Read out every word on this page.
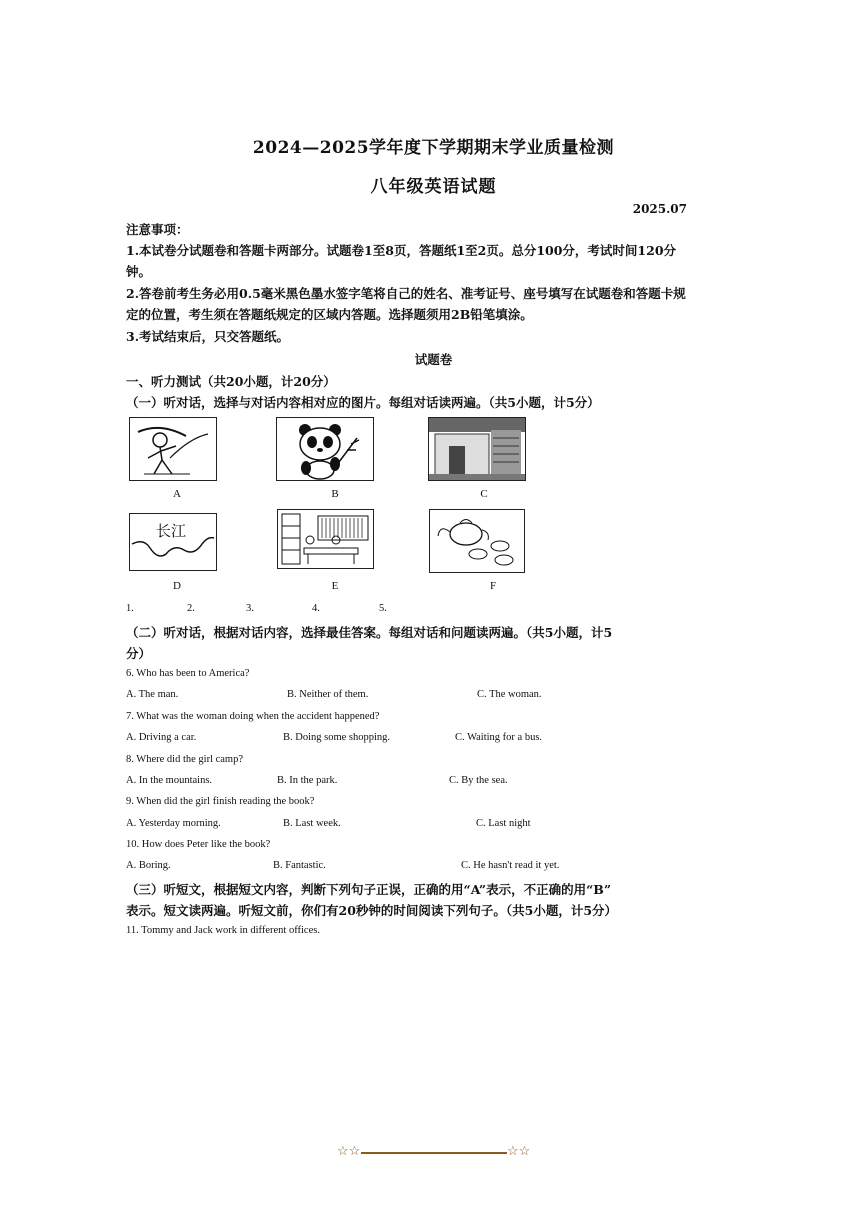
2024—2025学年度下学期期末学业质量检测
八年级英语试题
2025.07
注意事项：
1.本试卷分试题卷和答题卡两部分。试题卷1至8页，答题纸1至2页。总分100分，考试时间120分钟。
2.答卷前考生务必用0.5毫米黑色墨水签字笔将自己的姓名、准考证号、座号填写在试题卷和答题卡规定的位置，考生须在答题纸规定的区域内答题。选择题须用2B铅笔填涂。
3.考试结束后，只交答题纸。
试题卷
一、听力测试（共20小题，计20分）
（一）听对话，选择与对话内容相对应的图片。每组对话读两遍。（共5小题，计5分）
A	B	C
长江
D	E	F
1.	2.	3.	4.	5.
（二）听对话，根据对话内容，选择最佳答案。每组对话和问题读两遍。（共5小题，计5
分）
6. Who has been to America?
A. The man.	B. Neither of them.	C. The woman.
7. What was the woman doing when the accident happened?
A. Driving a car.	B. Doing some shopping.	C. Waiting for a bus.
8. Where did the girl camp?
A. In the mountains.	B. In the park.	C. By the sea.
9. When did the girl finish reading the book?
A. Yesterday morning.	B. Last week.	C. Last night
10. How does Peter like the book?
A. Boring.	B. Fantastic.	C. He hasn't read it yet.
（三）听短文，根据短文内容，判断下列句子正误，正确的用“A”表示，不正确的用“B”
表示。短文读两遍。听短文前，你们有20秒钟的时间阅读下列句子。（共5小题，计5分）
11. Tommy and Jack work in different offices.
☆☆	☆☆
